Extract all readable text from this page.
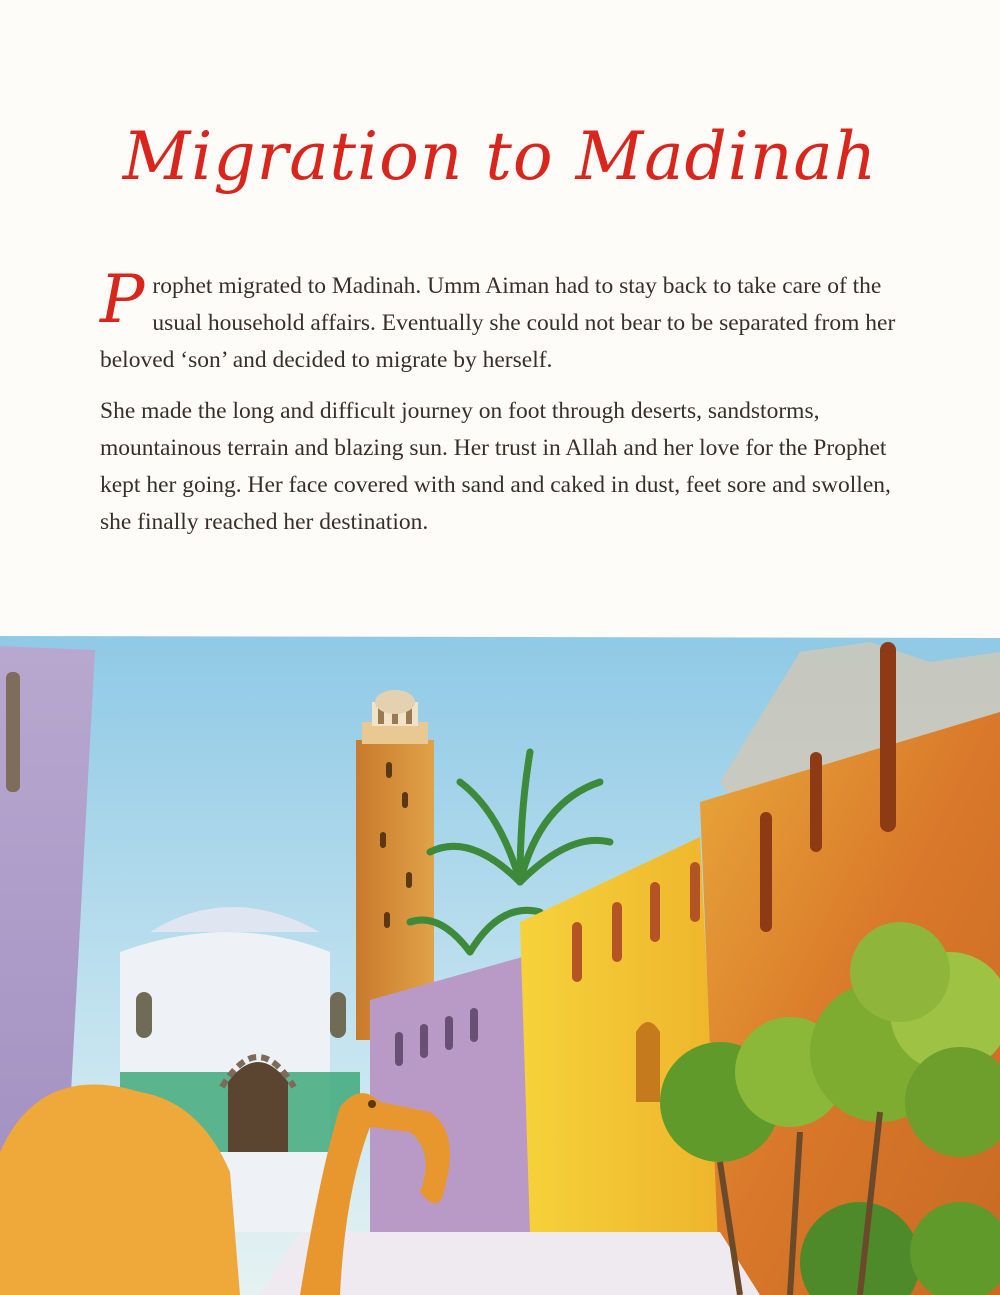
Migration to Madinah

Prophet migrated to Madinah. Umm Aiman had to stay back to take care of the usual household affairs. Eventually she could not bear to be separated from her beloved ‘son’ and decided to migrate by herself.

She made the long and difficult journey on foot through deserts, sandstorms, mountainous terrain and blazing sun. Her trust in Allah and her love for the Prophet kept her going. Her face covered with sand and caked in dust, feet sore and swollen, she finally reached her destination.
